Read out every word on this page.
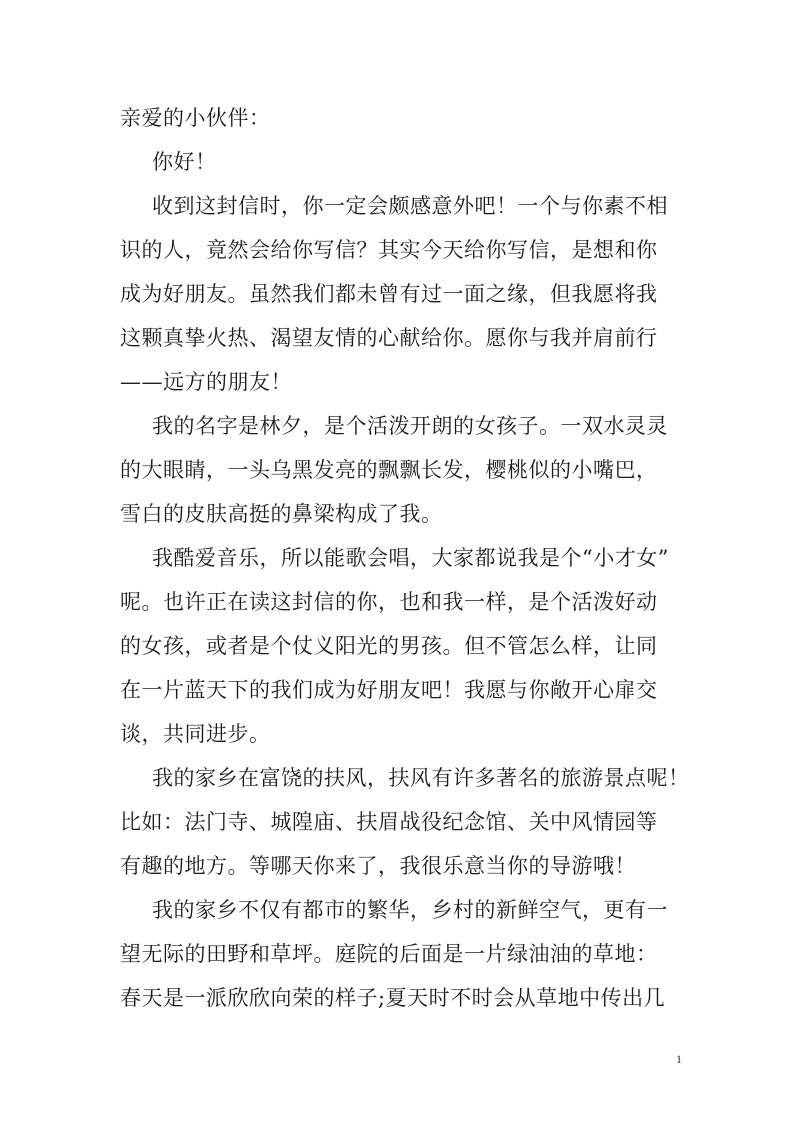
亲爱的小伙伴：
你好！
收到这封信时，你一定会颇感意外吧！一个与你素不相
识的人，竟然会给你写信？其实今天给你写信，是想和你
成为好朋友。虽然我们都未曾有过一面之缘，但我愿将我
这颗真挚火热、渴望友情的心献给你。愿你与我并肩前行
——远方的朋友！
我的名字是林夕，是个活泼开朗的女孩子。一双水灵灵
的大眼睛，一头乌黑发亮的飘飘长发，樱桃似的小嘴巴，
雪白的皮肤高挺的鼻梁构成了我。
我酷爱音乐，所以能歌会唱，大家都说我是个“小才女”
呢。也许正在读这封信的你，也和我一样，是个活泼好动
的女孩，或者是个仗义阳光的男孩。但不管怎么样，让同
在一片蓝天下的我们成为好朋友吧！我愿与你敞开心扉交
谈，共同进步。
我的家乡在富饶的扶风，扶风有许多著名的旅游景点呢！
比如：法门寺、城隍庙、扶眉战役纪念馆、关中风情园等
有趣的地方。等哪天你来了，我很乐意当你的导游哦！
我的家乡不仅有都市的繁华，乡村的新鲜空气，更有一
望无际的田野和草坪。庭院的后面是一片绿油油的草地：
春天是一派欣欣向荣的样子;夏天时不时会从草地中传出几
1
